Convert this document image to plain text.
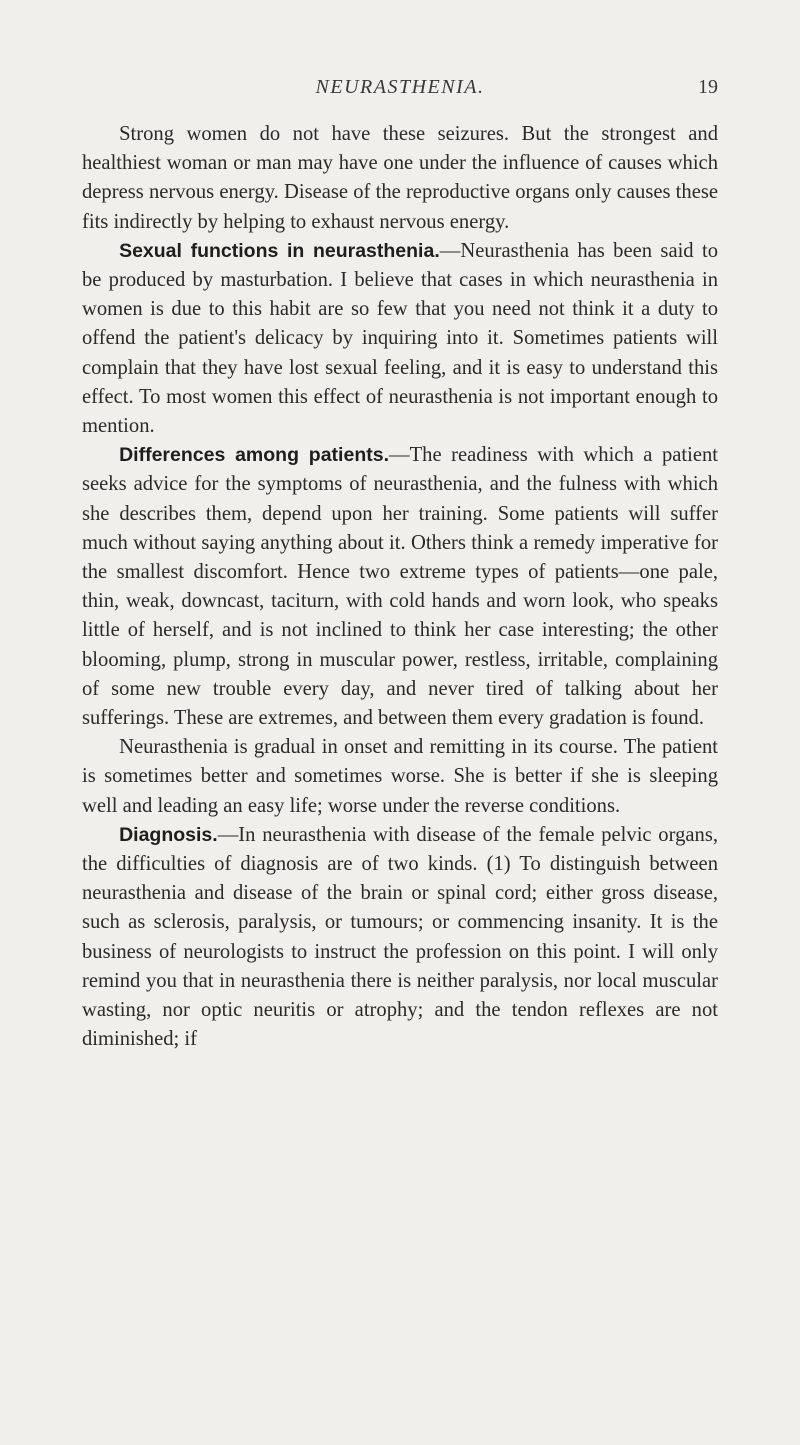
NEURASTHENIA.	19

Strong women do not have these seizures. But the strongest and healthiest woman or man may have one under the influence of causes which depress nervous energy. Disease of the reproductive organs only causes these fits indirectly by helping to exhaust nervous energy.

Sexual functions in neurasthenia.—Neurasthenia has been said to be produced by masturbation. I believe that cases in which neurasthenia in women is due to this habit are so few that you need not think it a duty to offend the patient's delicacy by inquiring into it. Sometimes patients will complain that they have lost sexual feeling, and it is easy to understand this effect. To most women this effect of neurasthenia is not important enough to mention.

Differences among patients.—The readiness with which a patient seeks advice for the symptoms of neurasthenia, and the fulness with which she describes them, depend upon her training. Some patients will suffer much without saying anything about it. Others think a remedy imperative for the smallest discomfort. Hence two extreme types of patients—one pale, thin, weak, downcast, taciturn, with cold hands and worn look, who speaks little of herself, and is not inclined to think her case interesting; the other blooming, plump, strong in muscular power, restless, irritable, complaining of some new trouble every day, and never tired of talking about her sufferings. These are extremes, and between them every gradation is found.

Neurasthenia is gradual in onset and remitting in its course. The patient is sometimes better and sometimes worse. She is better if she is sleeping well and leading an easy life; worse under the reverse conditions.

Diagnosis.—In neurasthenia with disease of the female pelvic organs, the difficulties of diagnosis are of two kinds. (1) To distinguish between neurasthenia and disease of the brain or spinal cord; either gross disease, such as sclerosis, paralysis, or tumours; or commencing insanity. It is the business of neurologists to instruct the profession on this point. I will only remind you that in neurasthenia there is neither paralysis, nor local muscular wasting, nor optic neuritis or atrophy; and the tendon reflexes are not diminished; if
